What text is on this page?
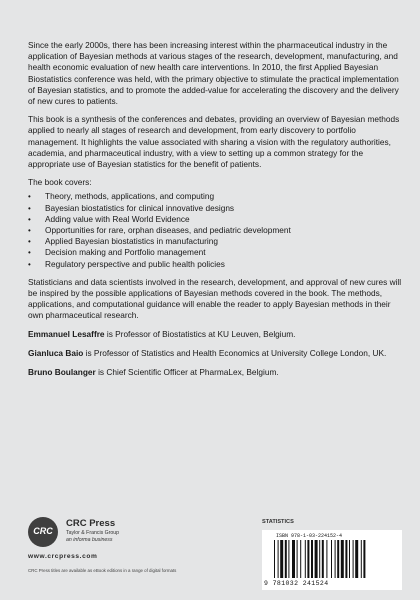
Since the early 2000s, there has been increasing interest within the pharmaceutical industry in the application of Bayesian methods at various stages of the research, development, manufacturing, and health economic evaluation of new health care interventions. In 2010, the first Applied Bayesian Biostatistics conference was held, with the primary objective to stimulate the practical implementation of Bayesian statistics, and to promote the added-value for accelerating the discovery and the delivery of new cures to patients.

This book is a synthesis of the conferences and debates, providing an overview of Bayesian methods applied to nearly all stages of research and development, from early discovery to portfolio management. It highlights the value associated with sharing a vision with the regulatory authorities, academia, and pharmaceutical industry, with a view to setting up a common strategy for the appropriate use of Bayesian statistics for the benefit of patients.

The book covers:

•	Theory, methods, applications, and computing
•	Bayesian biostatistics for clinical innovative designs
•	Adding value with Real World Evidence
•	Opportunities for rare, orphan diseases, and pediatric development
•	Applied Bayesian biostatistics in manufacturing
•	Decision making and Portfolio management
•	Regulatory perspective and public health policies

Statisticians and data scientists involved in the research, development, and approval of new cures will be inspired by the possible applications of Bayesian methods covered in the book. The methods, applications, and computational guidance will enable the reader to apply Bayesian methods in their own pharmaceutical research.

Emmanuel Lesaffre is Professor of Biostatistics at KU Leuven, Belgium.

Gianluca Baio is Professor of Statistics and Health Economics at University College London, UK.

Bruno Boulanger is Chief Scientific Officer at PharmaLex, Belgium.

CRC
CRC Press
Taylor & Francis Group
an informa business
www.crcpress.com
CRC Press titles are available as eBook editions in a range of digital formats
STATISTICS
ISBN 978-1-03-224152-4
9 781032 241524
